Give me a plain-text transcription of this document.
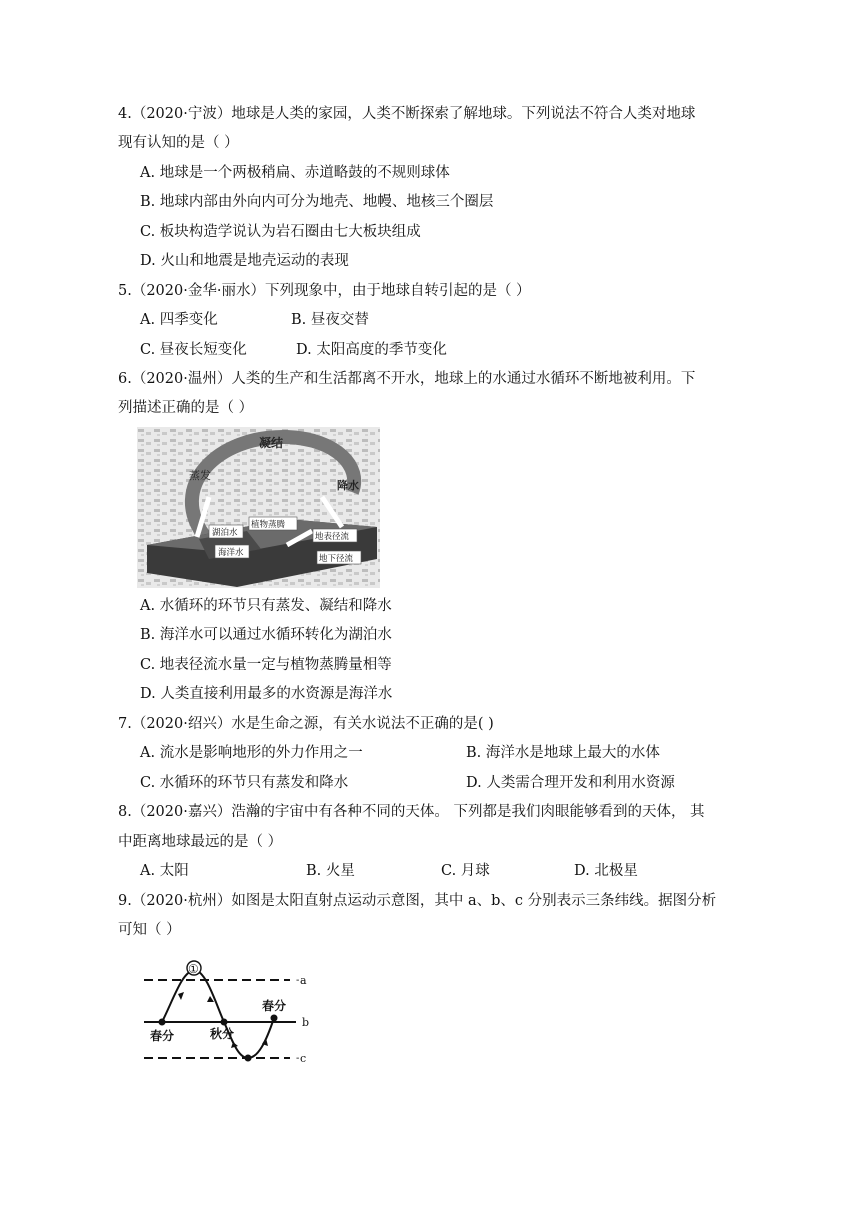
4.（2020·宁波）地球是人类的家园，人类不断探索了解地球。下列说法不符合人类对地球
现有认知的是（ ）
A. 地球是一个两极稍扁、赤道略鼓的不规则球体
B. 地球内部由外向内可分为地壳、地幔、地核三个圈层
C. 板块构造学说认为岩石圈由七大板块组成
D. 火山和地震是地壳运动的表现
5.（2020·金华·丽水）下列现象中，由于地球自转引起的是（ ）
A. 四季变化	B. 昼夜交替
C. 昼夜长短变化	D. 太阳高度的季节变化
6.（2020·温州）人类的生产和生活都离不开水，地球上的水通过水循环不断地被利用。下
列描述正确的是（ ）
凝结
蒸发
降水
植物蒸腾
湖泊水
海洋水
地表径流
地下径流
A. 水循环的环节只有蒸发、凝结和降水
B. 海洋水可以通过水循环转化为湖泊水
C. 地表径流水量一定与植物蒸腾量相等
D. 人类直接利用最多的水资源是海洋水
7.（2020·绍兴）水是生命之源，有关水说法不正确的是( )
A. 流水是影响地形的外力作用之一	B. 海洋水是地球上最大的水体
C. 水循环的环节只有蒸发和降水	D. 人类需合理开发和利用水资源
8.（2020·嘉兴）浩瀚的宇宙中有各种不同的天体。 下列都是我们肉眼能够看到的天体， 其
中距离地球最远的是（ ）
A. 太阳	B. 火星	C. 月球	D. 北极星
9.（2020·杭州）如图是太阳直射点运动示意图，其中 a、b、c 分别表示三条纬线。据图分析
可知（ ）
a
b
c
-
-
①
春分	秋分
春分
